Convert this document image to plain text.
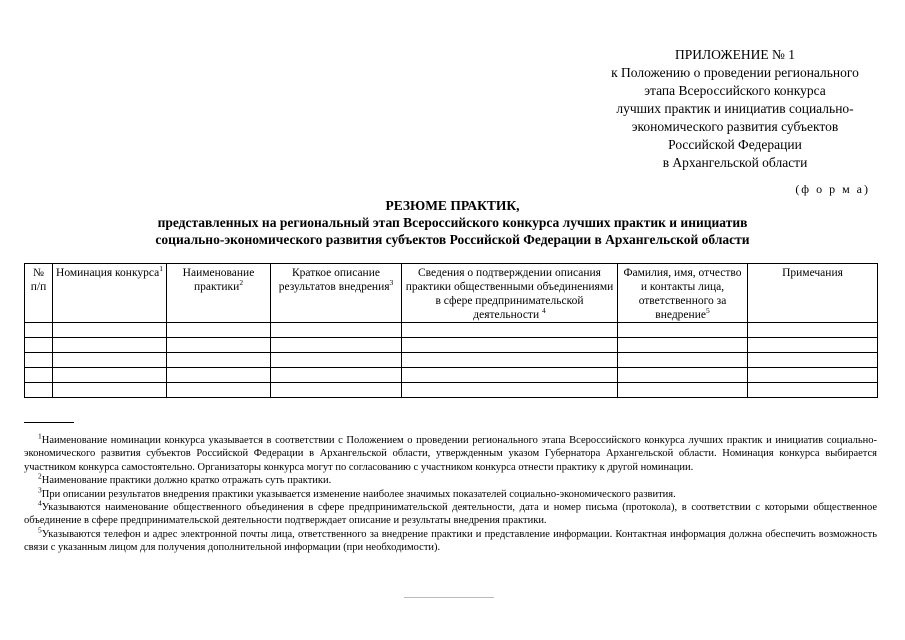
ПРИЛОЖЕНИЕ № 1
к Положению о проведении регионального
этапа Всероссийского конкурса
лучших практик и инициатив социально-
экономического развития субъектов
Российской Федерации
в Архангельской области
(ф о р м а)
РЕЗЮМЕ ПРАКТИК,
представленных на региональный этап Всероссийского конкурса лучших практик и инициатив
социально-экономического развития субъектов Российской Федерации в Архангельской области
№ п/п	Номинация конкурса$^1$	Наименование практики$^2$	Краткое описание результатов внедрения$^3$	Сведения о подтверждении описания практики общественными объединениями в сфере предпринимательской деятельности $^4$	Фамилия, имя, отчество и контакты лица, ответственного за внедрение$^5$	Примечания

$^1$Наименование номинации конкурса указывается в соответствии с Положением о проведении регионального этапа Всероссийского конкурса лучших практик и инициатив социально-экономического развития субъектов Российской Федерации в Архангельской области, утвержденным указом Губернатора Архангельской области. Номинация конкурса выбирается участником конкурса самостоятельно. Организаторы конкурса могут по согласованию с участником конкурса отнести практику к другой номинации.

$^2$Наименование практики должно кратко отражать суть практики.

$^3$При описании результатов внедрения практики указывается изменение наиболее значимых показателей социально-экономического развития.

$^4$Указываются наименование общественного объединения в сфере предпринимательской деятельности, дата и номер письма (протокола), в соответствии с которыми общественное объединение в сфере предпринимательской деятельности подтверждает описание и результаты внедрения практики.

$^5$Указываются телефон и адрес электронной почты лица, ответственного за внедрение практики и представление информации. Контактная информация должна обеспечить возможность связи с указанным лицом для получения дополнительной информации (при необходимости).
